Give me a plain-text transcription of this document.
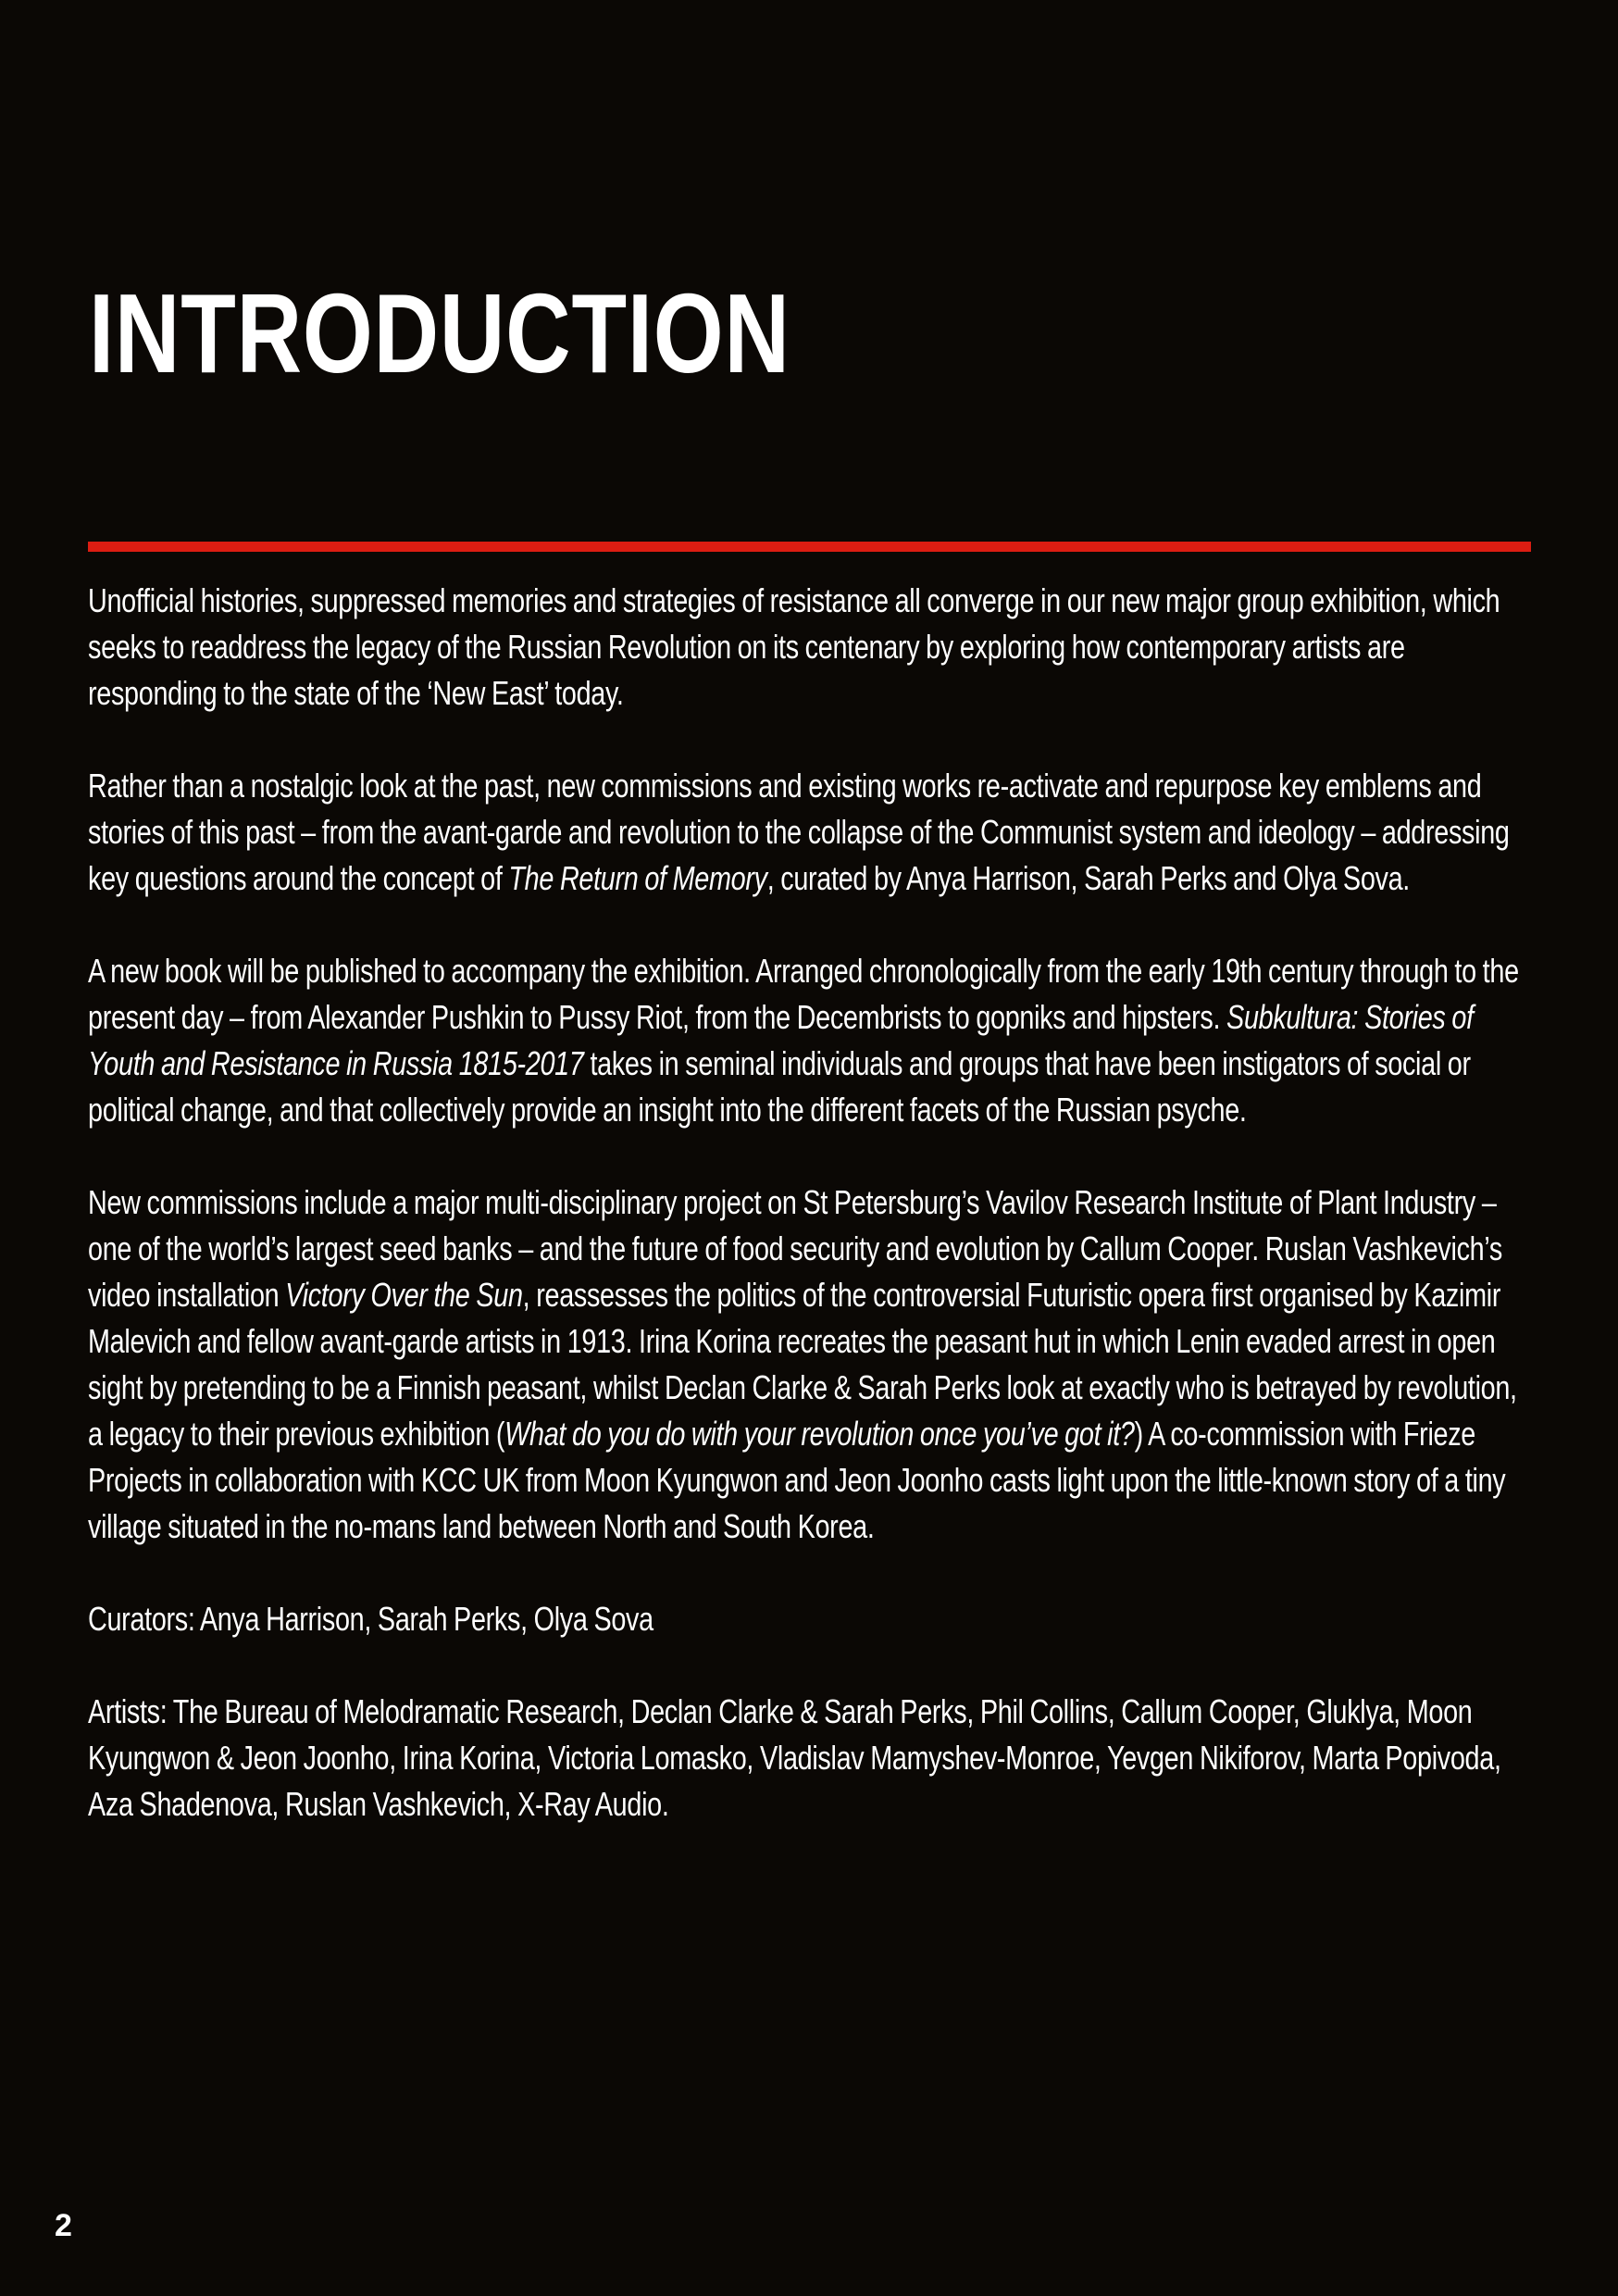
INTRODUCTION

Unofficial histories, suppressed memories and strategies of resistance all converge in our new major group exhibition, which seeks to readdress the legacy of the Russian Revolution on its centenary by exploring how contemporary artists are responding to the state of the ‘New East’ today.

Rather than a nostalgic look at the past, new commissions and existing works re-activate and repurpose key emblems and stories of this past – from the avant-garde and revolution to the collapse of the Communist system and ideology – addressing key questions around the concept of The Return of Memory, curated by Anya Harrison, Sarah Perks and Olya Sova.

A new book will be published to accompany the exhibition. Arranged chronologically from the early 19th century through to the present day – from Alexander Pushkin to Pussy Riot, from the Decembrists to gopniks and hipsters. Subkultura: Stories of Youth and Resistance in Russia 1815-2017 takes in seminal individuals and groups that have been instigators of social or political change, and that collectively provide an insight into the different facets of the Russian psyche.

New commissions include a major multi-disciplinary project on St Petersburg’s Vavilov Research Institute of Plant Industry – one of the world’s largest seed banks – and the future of food security and evolution by Callum Cooper. Ruslan Vashkevich’s video installation Victory Over the Sun, reassesses the politics of the controversial Futuristic opera first organised by Kazimir Malevich and fellow avant-garde artists in 1913. Irina Korina recreates the peasant hut in which Lenin evaded arrest in open sight by pretending to be a Finnish peasant, whilst Declan Clarke & Sarah Perks look at exactly who is betrayed by revolution, a legacy to their previous exhibition (What do you do with your revolution once you’ve got it?) A co-commission with Frieze Projects in collaboration with KCC UK from Moon Kyungwon and Jeon Joonho casts light upon the little-known story of a tiny village situated in the no-mans land between North and South Korea.

Curators: Anya Harrison, Sarah Perks, Olya Sova

Artists: The Bureau of Melodramatic Research, Declan Clarke & Sarah Perks, Phil Collins, Callum Cooper, Gluklya, Moon Kyungwon & Jeon Joonho, Irina Korina, Victoria Lomasko, Vladislav Mamyshev-Monroe, Yevgen Nikiforov, Marta Popivoda, Aza Shadenova, Ruslan Vashkevich, X-Ray Audio.

2
